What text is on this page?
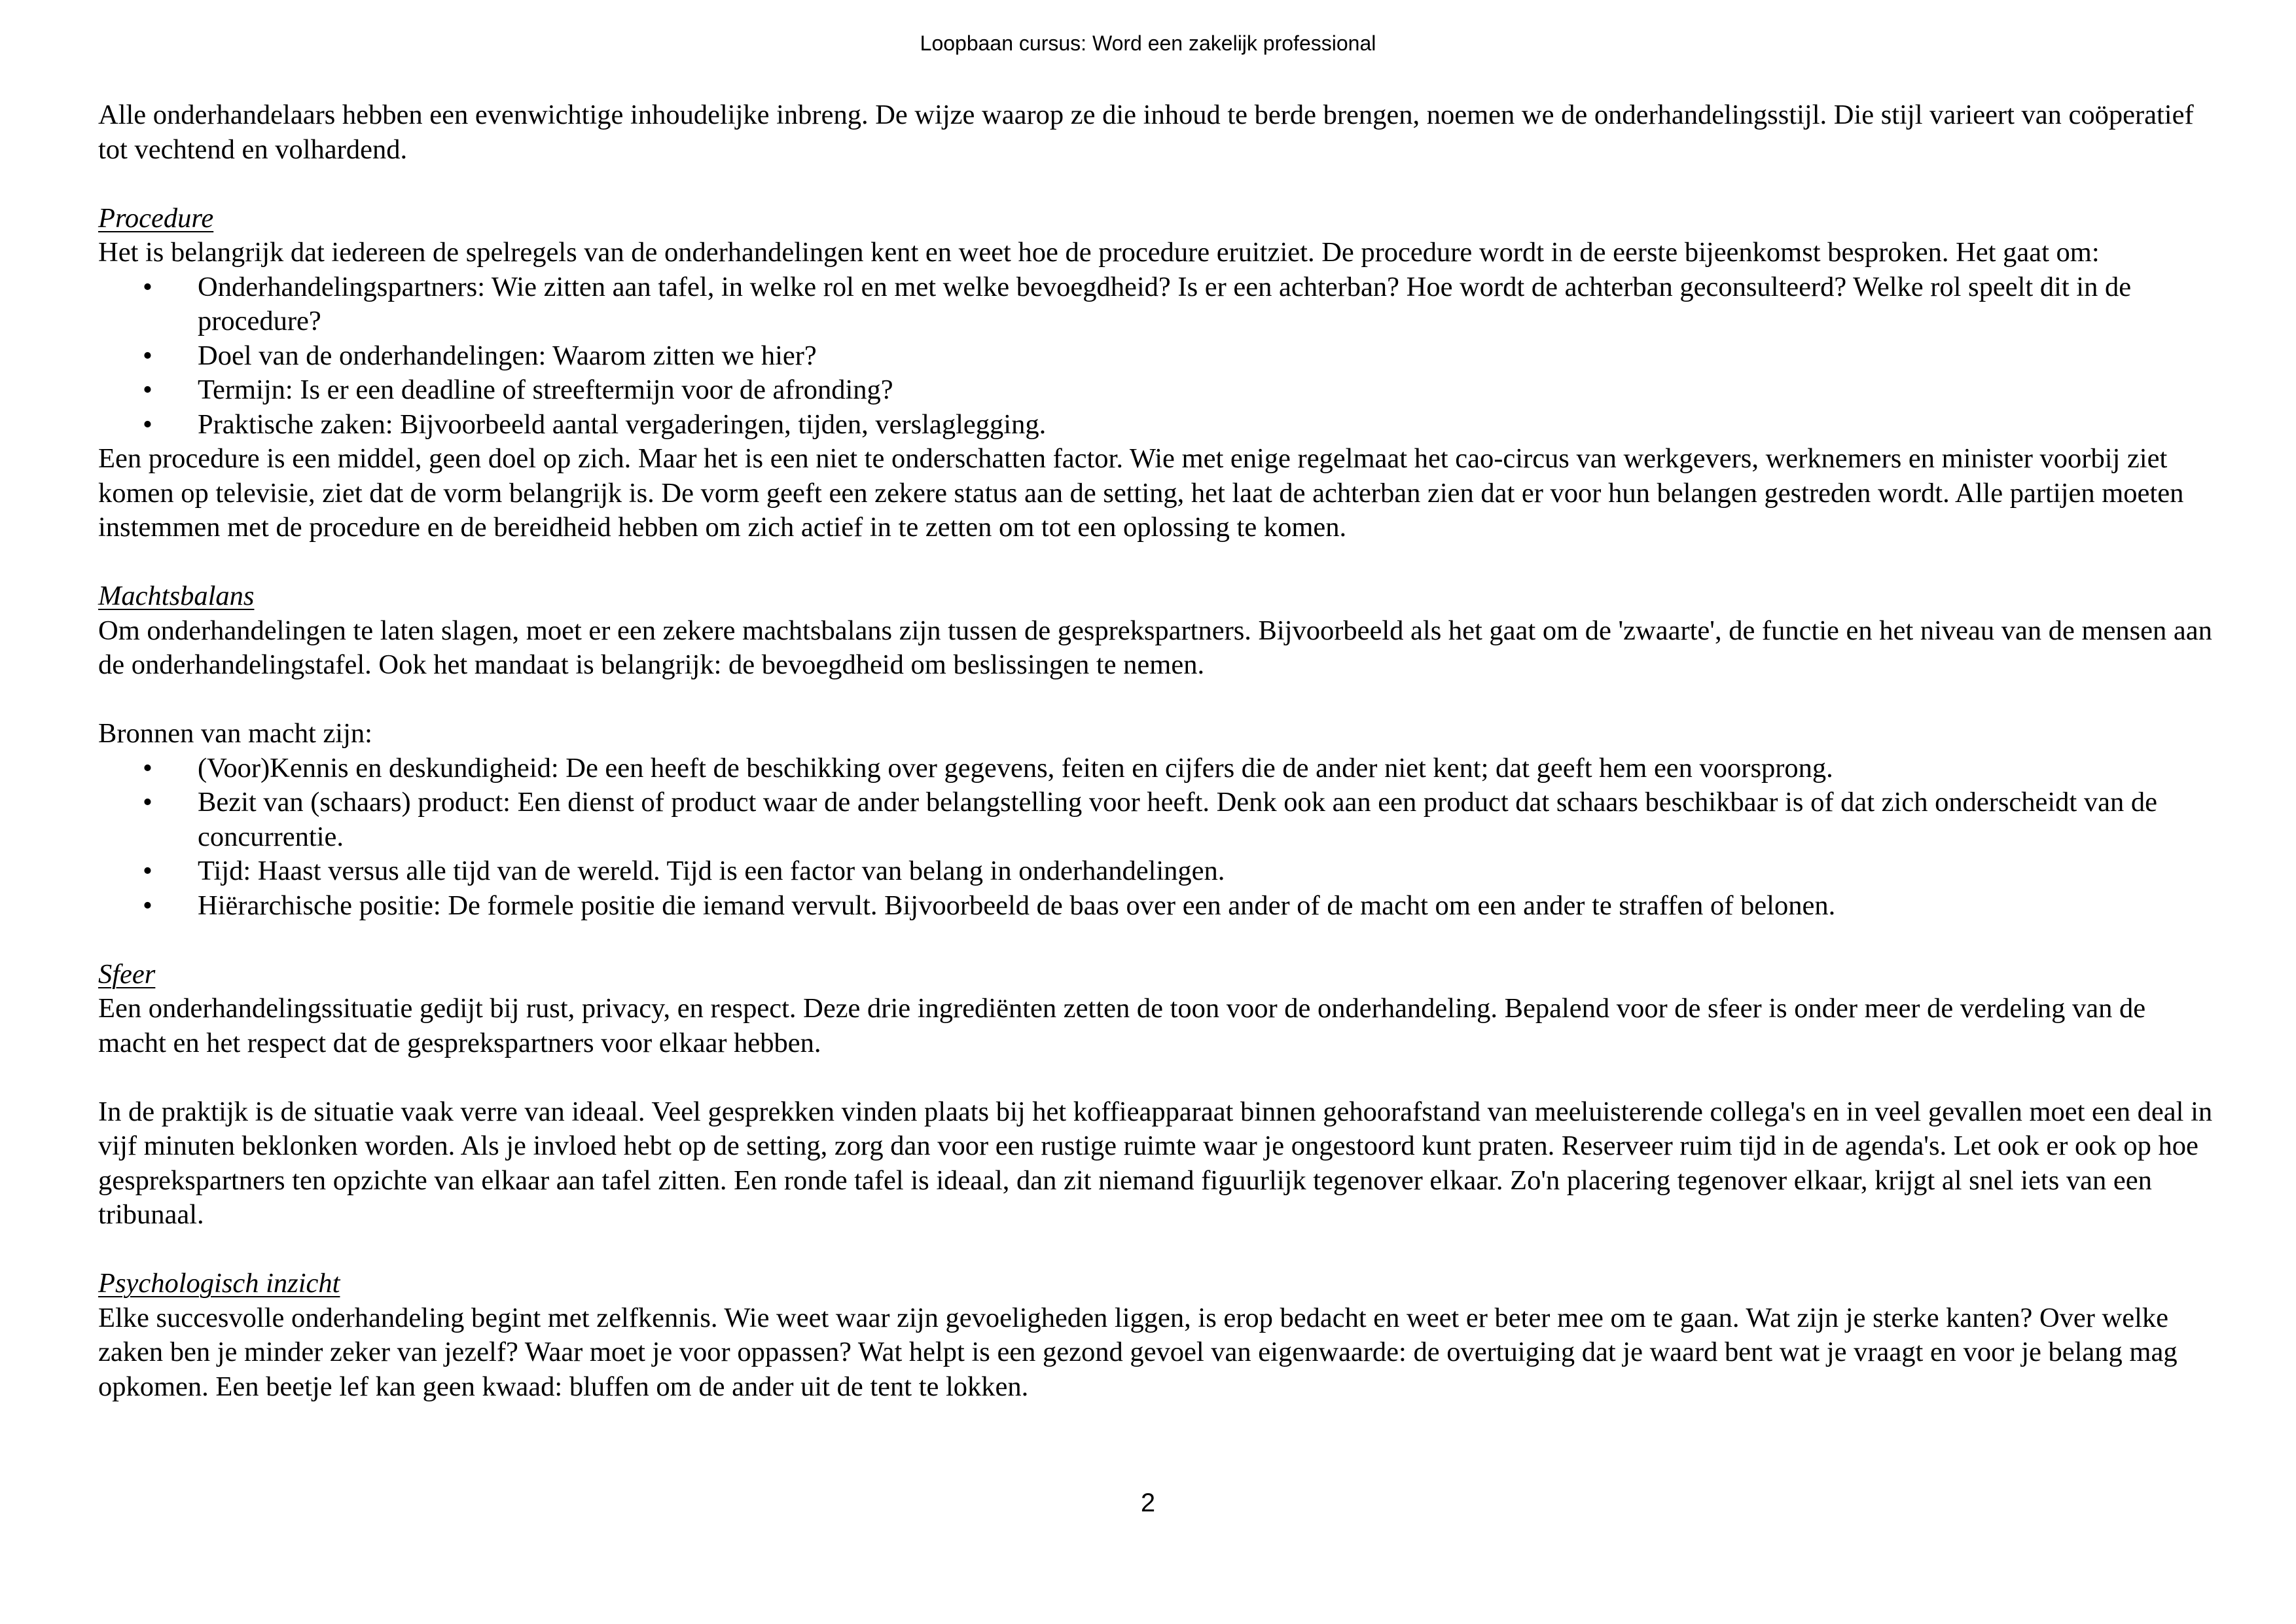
Loopbaan cursus: Word een zakelijk professional

Alle onderhandelaars hebben een evenwichtige inhoudelijke inbreng. De wijze waarop ze die inhoud te berde brengen, noemen we de onderhandelingsstijl. Die stijl varieert van coöperatief tot vechtend en volhardend.

Procedure

Het is belangrijk dat iedereen de spelregels van de onderhandelingen kent en weet hoe de procedure eruitziet. De procedure wordt in de eerste bijeenkomst besproken. Het gaat om:

•	Onderhandelingspartners: Wie zitten aan tafel, in welke rol en met welke bevoegdheid? Is er een achterban? Hoe wordt de achterban geconsulteerd? Welke rol speelt dit in de procedure?
•	Doel van de onderhandelingen: Waarom zitten we hier?
•	Termijn: Is er een deadline of streeftermijn voor de afronding?
•	Praktische zaken: Bijvoorbeeld aantal vergaderingen, tijden, verslaglegging.

Een procedure is een middel, geen doel op zich. Maar het is een niet te onderschatten factor. Wie met enige regelmaat het cao-circus van werkgevers, werknemers en minister voorbij ziet komen op televisie, ziet dat de vorm belangrijk is. De vorm geeft een zekere status aan de setting, het laat de achterban zien dat er voor hun belangen gestreden wordt. Alle partijen moeten instemmen met de procedure en de bereidheid hebben om zich actief in te zetten om tot een oplossing te komen.

Machtsbalans

Om onderhandelingen te laten slagen, moet er een zekere machtsbalans zijn tussen de gesprekspartners. Bijvoorbeeld als het gaat om de 'zwaarte', de functie en het niveau van de mensen aan de onderhandelingstafel. Ook het mandaat is belangrijk: de bevoegdheid om beslissingen te nemen.

Bronnen van macht zijn:

•	(Voor)Kennis en deskundigheid: De een heeft de beschikking over gegevens, feiten en cijfers die de ander niet kent; dat geeft hem een voorsprong.
•	Bezit van (schaars) product: Een dienst of product waar de ander belangstelling voor heeft. Denk ook aan een product dat schaars beschikbaar is of dat zich onderscheidt van de concurrentie.
•	Tijd: Haast versus alle tijd van de wereld. Tijd is een factor van belang in onderhandelingen.
•	Hiërarchische positie: De formele positie die iemand vervult. Bijvoorbeeld de baas over een ander of de macht om een ander te straffen of belonen.

Sfeer

Een onderhandelingssituatie gedijt bij rust, privacy, en respect. Deze drie ingrediënten zetten de toon voor de onderhandeling. Bepalend voor de sfeer is onder meer de verdeling van de macht en het respect dat de gesprekspartners voor elkaar hebben.

In de praktijk is de situatie vaak verre van ideaal. Veel gesprekken vinden plaats bij het koffieapparaat binnen gehoorafstand van meeluisterende collega's en in veel gevallen moet een deal in vijf minuten beklonken worden. Als je invloed hebt op de setting, zorg dan voor een rustige ruimte waar je ongestoord kunt praten. Reserveer ruim tijd in de agenda's. Let ook er ook op hoe gesprekspartners ten opzichte van elkaar aan tafel zitten. Een ronde tafel is ideaal, dan zit niemand figuurlijk tegenover elkaar. Zo'n placering tegenover elkaar, krijgt al snel iets van een tribunaal.

Psychologisch inzicht

Elke succesvolle onderhandeling begint met zelfkennis. Wie weet waar zijn gevoeligheden liggen, is erop bedacht en weet er beter mee om te gaan. Wat zijn je sterke kanten? Over welke zaken ben je minder zeker van jezelf? Waar moet je voor oppassen? Wat helpt is een gezond gevoel van eigenwaarde: de overtuiging dat je waard bent wat je vraagt en voor je belang mag opkomen. Een beetje lef kan geen kwaad: bluffen om de ander uit de tent te lokken.

2
